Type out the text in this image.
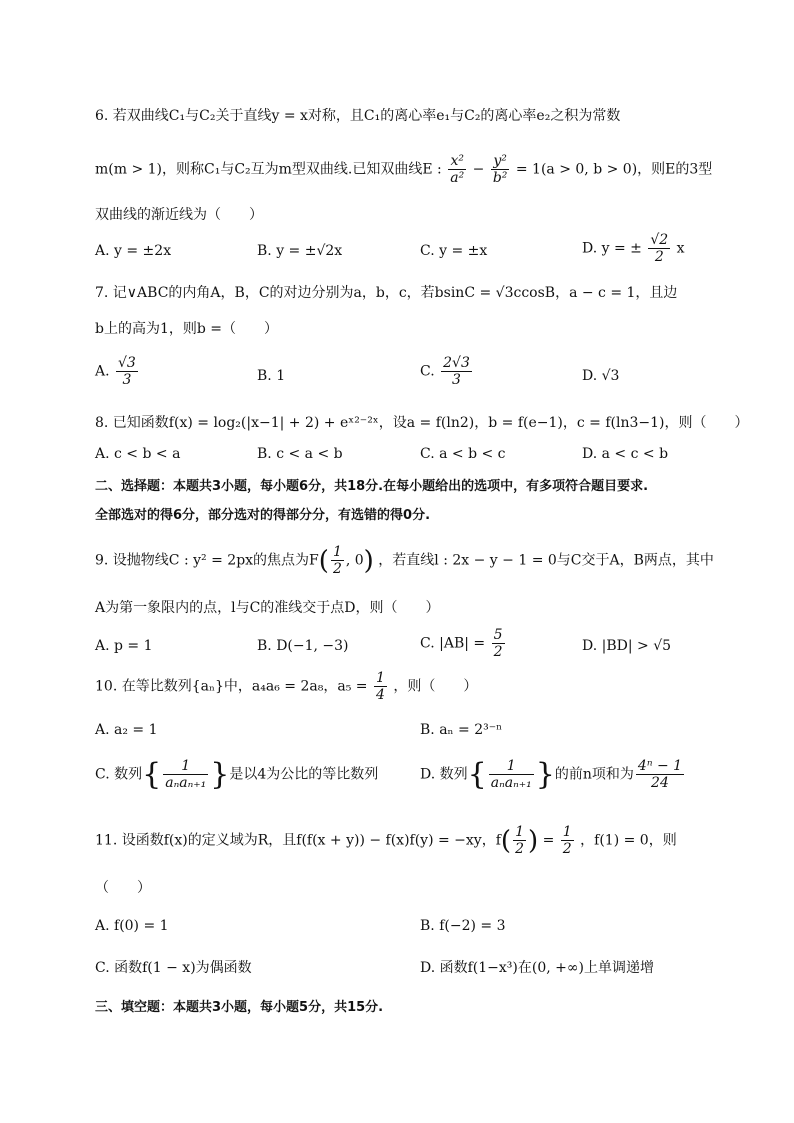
6. 若双曲线C₁与C₂关于直线y = x对称，且C₁的离心率e₁与C₂的离心率e₂之积为常数
m(m > 1)，则称C₁与C₂互为m型双曲线.已知双曲线E : $\frac{\text{x²}}{\text{a²}} - \frac{\text{y²}}{\text{b²}} = 1(a > 0$, b > 0)，则E的3型
双曲线的渐近线为（　　）
A. y = ±2x	B. y = ±√2x	C. y = ±x	D. y = ± $\frac{√2}{2}$ x
7. 记∨ABC的内角A，B，C的对边分别为a，b，c，若bsinC = √3ccosB，a − c = 1，且边
b上的高为1，则b =（　　）
A. $\frac{√3}{3}$	B. 1	C. $\frac{2√3}{3}$	D. √3
8. 已知函数f(x) = log₂(|x−1| + 2) + eˣ²⁻²ˣ，设a = f(ln2)，b = f(e−1)，c = f(ln3−1)，则（　　）
A. c < b < a	B. c < a < b	C. a < b < c	D. a < c < b
二、选择题：本题共3小题，每小题6分，共18分.在每小题给出的选项中，有多项符合题目要求.
全部选对的得6分，部分选对的得部分分，有选错的得0分.
9. 设抛物线C : y² = 2px的焦点为$F( \frac{1}{2}$ , 0) ，若直线l : 2x − y − 1 = 0与C交于A，B两点，其中
A为第一象限内的点，l与C的准线交于点D，则（　　）
A. p = 1	B. D(−1, −3)	C. $|AB| = \frac{5}{2}$	D. |BD| > √5
10. 在等比数列{aₙ}中，a₄a₆ = 2a₈，$a_5 = \frac{1}{4}$ ，则（　　）
A. a₂ = 1	B. aₙ = 2³⁻ⁿ
C. 数列{ $\frac{1}{\text{aₙaₙ₊₁}}$ }是以4为公比的等比数列	D. 数列{ $\frac{1}{\text{aₙaₙ₊₁}}$ }的前n项和为 $\frac{\text{4ⁿ − 1}}{24}$
11. 设函数f(x)的定义域为R，且f(f(x + y)) − f(x)f(y) = −xy，$f( \frac{1}{2}$ ) = $\frac{1}{2}$ ，f(1) = 0，则
（　　）
A. f(0) = 1	B. f(−2) = 3
C. 函数f(1 − x)为偶函数	D. 函数f(1−x³)在(0, +∞)上单调递增
三、填空题：本题共3小题，每小题5分，共15分.
